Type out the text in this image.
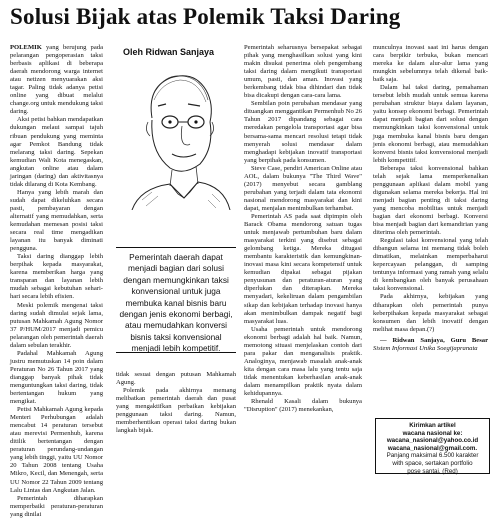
Solusi Bijak atas Polemik Taksi Daring

POLEMIK yang berujung pada pelarangan pengoperasian taksi berbasis aplikasi di beberapa daerah mendorong warga internet atau netizen menyuarakan aksi tagar. Paling tidak adanya petisi online yang dibuat melalui change.org untuk mendukung taksi daring.

Aksi petisi bahkan mendapatkan dukungan melaui sampai tajuh ribuan pendukung yang meminta agar Pemkot Bandung tidak melarang taksi daring. Sepekan kemudian Wali Kota menegaskan, angkutan online atau dalam jaringan (daring) dan aktivitasnya tidak dilarang di Kota Kembang.

Hanya yang lebih marah dan sudah dapat dikeluhkan secara pasti, pembayaran dengan alternatif yang memudahkan, serta kemudahan memesan posisi taksi secara real time mengadikan layanan itu banyak diminati pengguna.

Taksi daring dianggap lebih berpihak kepada masyarakat, karena memberikan harga yang transparan dan layanan lebih mudah sebagai kebutuhan sehari-hari secara lebih efisien.

Meski polemik mengenai taksi daring sudah dimulai sejak lama, putusan Mahkamah Agung Nomor 37 P/HUM/2017 menjadi pemicu pelarangan oleh pemerintah daerah dalam sebulan terakhir.

Padahal Mahkamah Agung justru memutuskan 14 poin dalam Peraturan No 26 Tahun 2017 yang dianggap banyak pihak tidak menguntungkan taksi daring, tidak bertentangan hukum yang mengikat.

Petisi Mahkamah Agung kepada Menteri Perhubungan adalah mencabut 14 peraturan tersebut atau merevisi Permenhub, karena ditilik bertentangan dengan peraturan perundang-undangan yang lebih tinggi, yaitu UU Nomor 20 Tahun 2008 tentang Usaha Mikro, Kecil, dan Menengah, serta UU Nomor 22 Tahun 2009 tentang Lalu Lintas dan Angkutan Jalan.

Pemerintah diharapkan memperbaiki peraturan-peraturan yang dinilai

Oleh Ridwan Sanjaya
Pemerintah daerah dapat menjadi bagian dari solusi dengan memungkinkan taksi konvensional untuk juga membuka kanal bisnis baru dengan jenis ekonomi berbagi, atau memudahkan konversi bisnis taksi konvensional menjadi lebih kompetitif.

tidak sesuai dengan putusan Mahkamah Agung.

Polemik pada akhirnya memang melibatkan pemerintah daerah dan pusat yang mengaktifkan perbaikan kebijakan penggunaan taksi daring. Namun, memberhentikan operasi taksi daring bukan langkah bijak.

Pemerintah seharusnya bersepakat sebagai pihak yang menghasilkan solusi yang kini makin disukai penerima oleh pengembang taksi daring dalam mengikuti transportasi umum, pasti, dan aman. Inovasi yang berkembang tidak bisa dihindari dan tidak bisa dicakupi dengan cara-cara lama.

Sembilan poin perubahan mendasar yang dituangkan menggantikan Permenhub No 26 Tahun 2017 dipandang sebagai cara meredakan pengelola transportasi agar bisa bersama-sama mencari resolusi tetapi tidak menyerah solusi mendasar dalam menghadapi kebijakan inovatif transportasi yang berpihak pada konsumen.

Steve Case, pendiri American Online atau AOL, dalam bukunya "The Third Wave" (2017) menyebut secara gamblang perubahan yang terjadi dalam tata ekonomi nasional mendorong masyarakat dan kini dapat, menjalan menimbulkan terhambat.

Pemerintah AS pada saat dipimpin oleh Barack Obama mendorong satuan tugas untuk menjawab pertumbuhan baru dalam masyarakat terkini yang disebut sebagai gelombang ketiga. Mereka ditugasi membantu karakteristik dan kemungkinan-inovasi masa kini secara kompetensif untuk kemudian dipakai sebagai pijakan penyusunan dan peraturan-aturan yang diperlukan dan diterapkan. Mereka menyadari, kekeliruan dalam pengambilan sikap dan kebijakan terhadap inovasi hanya akan menimbulkan dampak negatif bagi masyarakat luas.

Usaha pemerintah untuk mendorong ekonomi berbagi adalah hal baik. Namun, memotong situasi menjelaskan contoh dari para pakar dan menganalisis praktik. Analoginya, menjawab masalah anak-anak kita dengan cara masa lalu yang tentu saja tidak menentukan keberhasilan anak-anak dalam menampilkan praktik nyata dalam kehidupannya.

Rhenald Kasali dalam bukunya "Disruption" (2017) menekankan,

munculnya inovasi saat ini harus dengan cara berpikir terbuka, bukan mencari mereka ke dalam alur-alur lama yang mungkin sebelumnya telah dikenal baik-baik saja.

Dalam hal taksi daring, pemahaman tersebut lebih mudah untuk semua karena perubahan struktur biaya dalam layanan, yaitu konsep ekonomi berbagi. Pemerintah dapat menjadi bagian dari solusi dengan memungkinkan taksi konvensional untuk juga membuka kanal bisnis baru dengan jenis ekonomi berbagi, atau memudahkan konversi bisnis taksi konvensional menjadi lebih kompetitif.

Beberapa taksi konvensional bahkan telah sejak lama memperkenalkan penggunaan aplikasi dalam mobil yang digunakan selama mereka bekerja. Hal ini menjadi bagian penting di taksi daring yang mencoba mobilitas untuk menjadi bagian dari ekonomi berbagi. Konversi bisa menjadi bagian dari kemandirian yang diterima oleh pemerintah.

Regulasi taksi konvensional yang telah dibangun selama ini memang tidak boleh dimatikan, melainkan memperbaharui kepercayaan pelanggan, di samping tentunya informasi yang ramah yang selalu di kembangkan oleh banyak perusahaan taksi konvensional.

Pada akhirnya, kebijakan yang diharapkan oleh pemerintah punya keberpihakan kepada masyarakat sebagai konsumen dan lebih inovatif dengan melihat masa depan.(?)

— Ridwan Sanjaya, Guru Besar Sistem Informasi Unika Soegijapranata

Kirimkan artikel
wacana nasional ke:
wacana_nasional@yahoo.co.id
wacana_nasional@gmail.com.
Panjang maksimal 6.500 karakter
with space, sertakan portfolio
pose santai. (Red)
